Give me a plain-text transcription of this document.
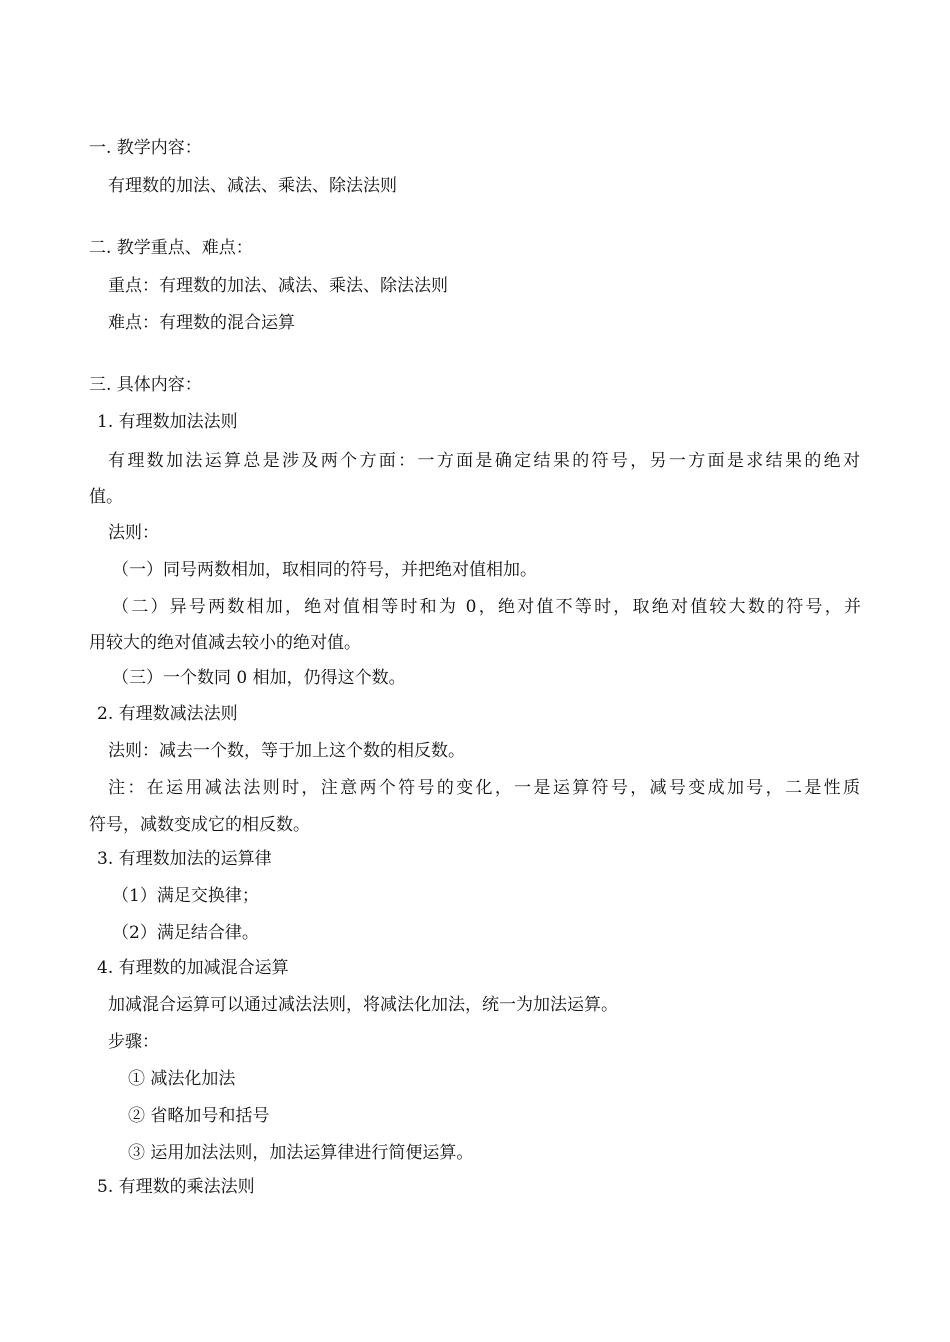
一. 教学内容：
有理数的加法、减法、乘法、除法法则
二. 教学重点、难点：
重点：有理数的加法、减法、乘法、除法法则
难点：有理数的混合运算
三. 具体内容：
1. 有理数加法法则
有理数加法运算总是涉及两个方面：一方面是确定结果的符号，另一方面是求结果的绝对
值。
法则：
（一）同号两数相加，取相同的符号，并把绝对值相加。
（二）异号两数相加，绝对值相等时和为 0，绝对值不等时，取绝对值较大数的符号，并
用较大的绝对值减去较小的绝对值。
（三）一个数同 0 相加，仍得这个数。
2. 有理数减法法则
法则：减去一个数，等于加上这个数的相反数。
注：在运用减法法则时，注意两个符号的变化，一是运算符号，减号变成加号，二是性质
符号，减数变成它的相反数。
3. 有理数加法的运算律
（1）满足交换律；
（2）满足结合律。
4. 有理数的加减混合运算
加减混合运算可以通过减法法则，将减法化加法，统一为加法运算。
步骤：
① 减法化加法
② 省略加号和括号
③ 运用加法法则，加法运算律进行简便运算。
5. 有理数的乘法法则
